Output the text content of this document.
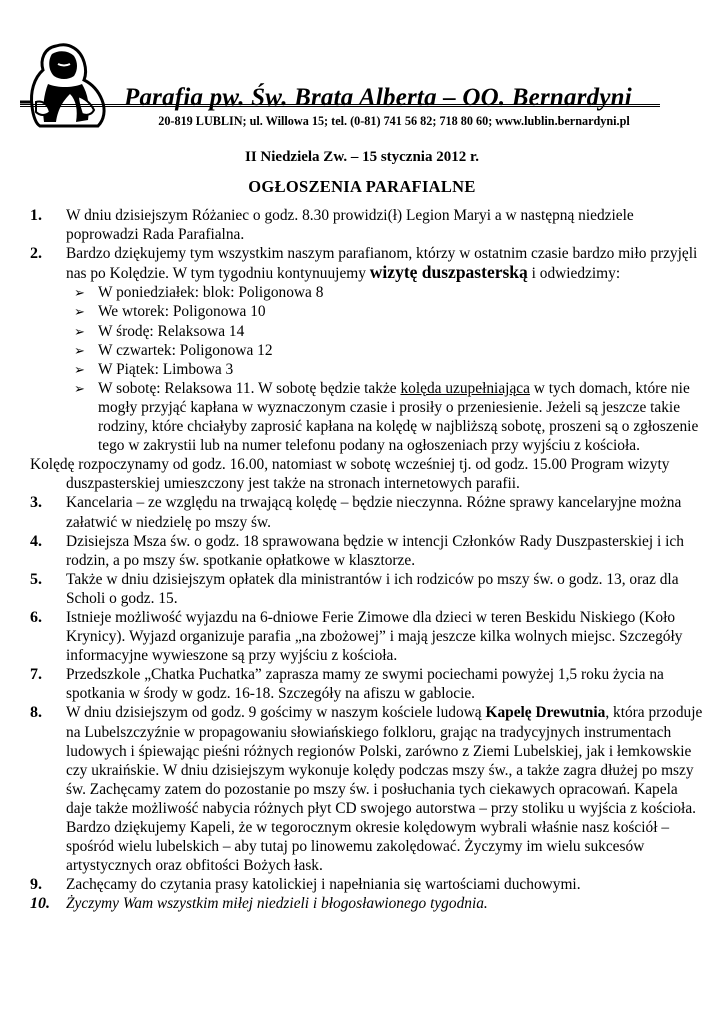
Parafia pw. Św. Brata Alberta – OO. Bernardyni
20-819 LUBLIN; ul. Willowa 15; tel. (0-81) 741 56 82; 718 80 60; www.lublin.bernardyni.pl
II Niedziela Zw. – 15 stycznia 2012 r.
OGŁOSZENIA PARAFIALNE

1. W dniu dzisiejszym Różaniec o godz. 8.30 prowidzi(ł) Legion Maryi a w następną niedziele poprowadzi Rada Parafialna.

2. Bardzo dziękujemy tym wszystkim naszym parafianom, którzy w ostatnim czasie bardzo miło przyjęli nas po Kolędzie. W tym tygodniu kontynuujemy wizytę duszpasterską i odwiedzimy:

➢ W poniedziałek: blok: Poligonowa 8

➢ We wtorek: Poligonowa 10

➢ W środę: Relaksowa 14

➢ W czwartek: Poligonowa 12

➢ W Piątek: Limbowa 3

➢ W sobotę: Relaksowa 11. W sobotę będzie także kolęda uzupełniająca w tych domach, które nie mogły przyjąć kapłana w wyznaczonym czasie i prosiły o przeniesienie. Jeżeli są jeszcze takie rodziny, które chciałyby zaprosić kapłana na kolędę w najbliższą sobotę, proszeni są o zgłoszenie tego w zakrystii lub na numer telefonu podany na ogłoszeniach przy wyjściu z kościoła.

Kolędę rozpoczynamy od godz. 16.00, natomiast w sobotę wcześniej tj. od godz. 15.00 Program wizyty duszpasterskiej umieszczony jest także na stronach internetowych parafii.

3. Kancelaria – ze względu na trwającą kolędę – będzie nieczynna. Różne sprawy kancelaryjne można załatwić w niedzielę po mszy św.

4. Dzisiejsza Msza św. o godz. 18 sprawowana będzie w intencji Członków Rady Duszpasterskiej i ich rodzin, a po mszy św. spotkanie opłatkowe w klasztorze.

5. Także w dniu dzisiejszym opłatek dla ministrantów i ich rodziców po mszy św. o godz. 13, oraz dla Scholi o godz. 15.

6. Istnieje możliwość wyjazdu na 6-dniowe Ferie Zimowe dla dzieci w teren Beskidu Niskiego (Koło Krynicy). Wyjazd organizuje parafia „na zbożowej” i mają jeszcze kilka wolnych miejsc. Szczegóły informacyjne wywieszone są przy wyjściu z kościoła.

7. Przedszkole „Chatka Puchatka” zaprasza mamy ze swymi pociechami powyżej 1,5 roku życia na spotkania w środy w godz. 16-18. Szczegóły na afiszu w gablocie.

8. W dniu dzisiejszym od godz. 9 gościmy w naszym kościele ludową Kapelę Drewutnia, która przoduje na Lubelszczyźnie w propagowaniu słowiańskiego folkloru, grając na tradycyjnych instrumentach ludowych i śpiewając pieśni różnych regionów Polski, zarówno z Ziemi Lubelskiej, jak i łemkowskie czy ukraińskie. W dniu dzisiejszym wykonuje kolędy podczas mszy św., a także zagra dłużej po mszy św. Zachęcamy zatem do pozostanie po mszy św. i posłuchania tych ciekawych opracowań. Kapela daje także możliwość nabycia różnych płyt CD swojego autorstwa – przy stoliku u wyjścia z kościoła. Bardzo dziękujemy Kapeli, że w tegorocznym okresie kolędowym wybrali właśnie nasz kościół – spośród wielu lubelskich – aby tutaj po linowemu zakolędować. Życzymy im wielu sukcesów artystycznych oraz obfitości Bożych łask.

9. Zachęcamy do czytania prasy katolickiej i napełniania się wartościami duchowymi.

10. Życzymy Wam wszystkim miłej niedzieli i błogosławionego tygodnia.
